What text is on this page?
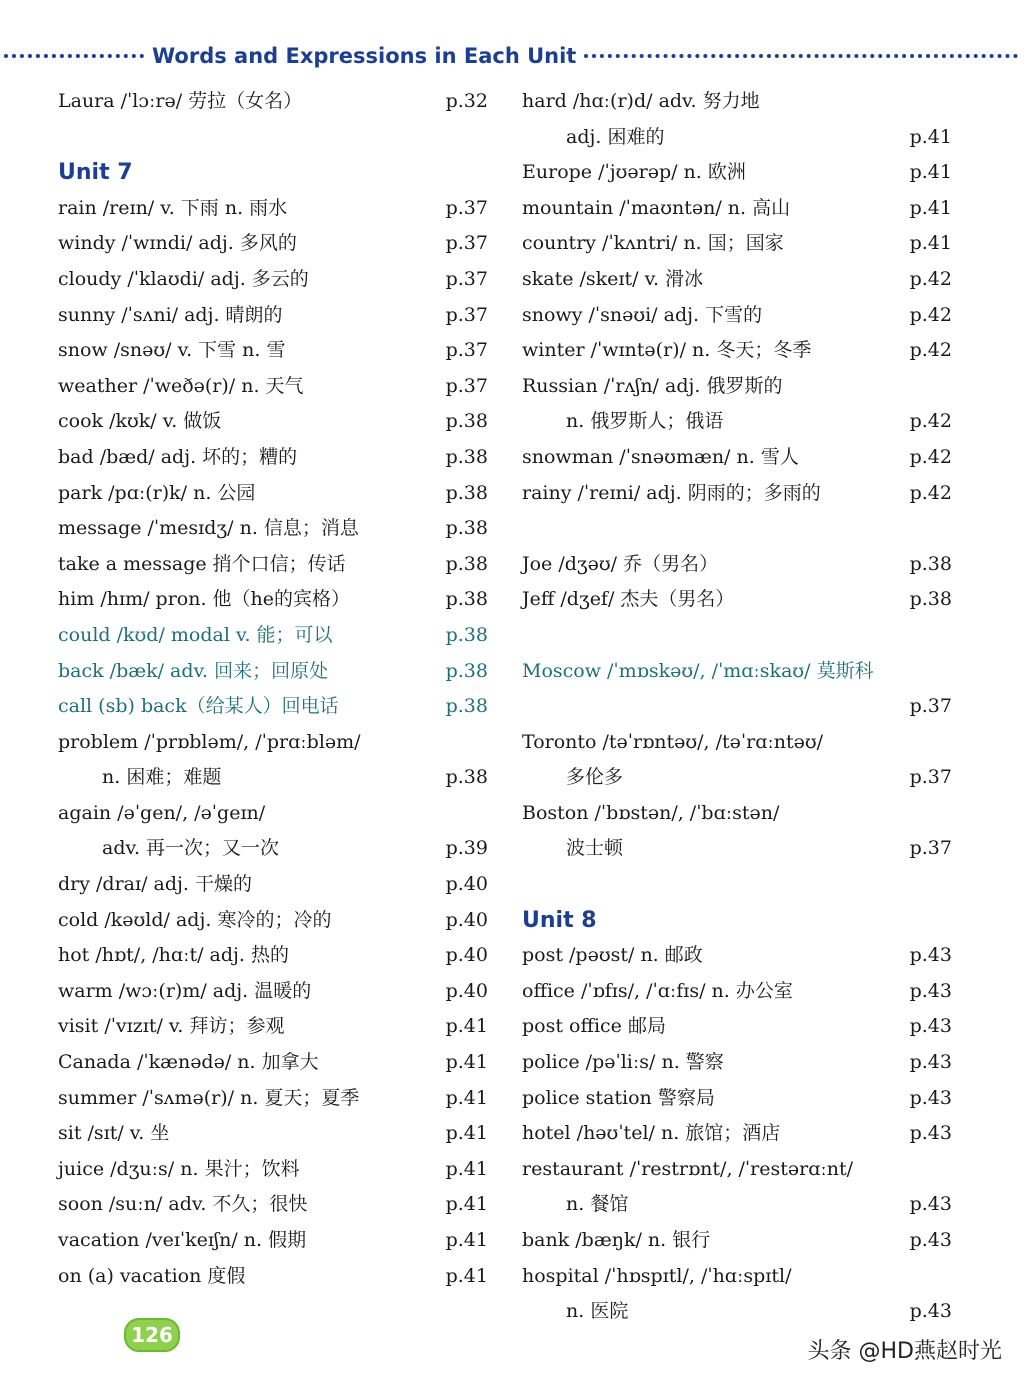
Words and Expressions in Each Unit
Laura /ˈlɔːrə/ 劳拉（女名）	p.32
Unit 7
rain /reɪn/ v. 下雨 n. 雨水	p.37
windy /ˈwɪndi/ adj. 多风的	p.37
cloudy /ˈklaʊdi/ adj. 多云的	p.37
sunny /ˈsʌni/ adj. 晴朗的	p.37
snow /snəʊ/ v. 下雪 n. 雪	p.37
weather /ˈweðə(r)/ n. 天气	p.37
cook /kʊk/ v. 做饭	p.38
bad /bæd/ adj. 坏的；糟的	p.38
park /pɑː(r)k/ n. 公园	p.38
message /ˈmesɪdʒ/ n. 信息；消息	p.38
take a message 捎个口信；传话	p.38
him /hɪm/ pron. 他（he的宾格）	p.38
could /kʊd/ modal v. 能；可以	p.38
back /bæk/ adv. 回来；回原处	p.38
call (sb) back（给某人）回电话	p.38
problem /ˈprɒbləm/, /ˈprɑːbləm/
n. 困难；难题	p.38
again /əˈgen/, /əˈgeɪn/
adv. 再一次；又一次	p.39
dry /draɪ/ adj. 干燥的	p.40
cold /kəʊld/ adj. 寒冷的；冷的	p.40
hot /hɒt/, /hɑːt/ adj. 热的	p.40
warm /wɔː(r)m/ adj. 温暖的	p.40
visit /ˈvɪzɪt/ v. 拜访；参观	p.41
Canada /ˈkænədə/ n. 加拿大	p.41
summer /ˈsʌmə(r)/ n. 夏天；夏季	p.41
sit /sɪt/ v. 坐	p.41
juice /dʒuːs/ n. 果汁；饮料	p.41
soon /suːn/ adv. 不久；很快	p.41
vacation /veɪˈkeɪʃn/ n. 假期	p.41
on (a) vacation 度假	p.41
hard /hɑː(r)d/ adv. 努力地
adj. 困难的	p.41
Europe /ˈjʊərəp/ n. 欧洲	p.41
mountain /ˈmaʊntən/ n. 高山	p.41
country /ˈkʌntri/ n. 国；国家	p.41
skate /skeɪt/ v. 滑冰	p.42
snowy /ˈsnəʊi/ adj. 下雪的	p.42
winter /ˈwɪntə(r)/ n. 冬天；冬季	p.42
Russian /ˈrʌʃn/ adj. 俄罗斯的
n. 俄罗斯人；俄语	p.42
snowman /ˈsnəʊmæn/ n. 雪人	p.42
rainy /ˈreɪni/ adj. 阴雨的；多雨的	p.42
Joe /dʒəʊ/ 乔（男名）	p.38
Jeff /dʒef/ 杰夫（男名）	p.38
Moscow /ˈmɒskəʊ/, /ˈmɑːskaʊ/ 莫斯科
p.37
Toronto /təˈrɒntəʊ/, /təˈrɑːntəʊ/
多伦多	p.37
Boston /ˈbɒstən/, /ˈbɑːstən/
波士顿	p.37
Unit 8
post /pəʊst/ n. 邮政	p.43
office /ˈɒfɪs/, /ˈɑːfɪs/ n. 办公室	p.43
post office 邮局	p.43
police /pəˈliːs/ n. 警察	p.43
police station 警察局	p.43
hotel /həʊˈtel/ n. 旅馆；酒店	p.43
restaurant /ˈrestrɒnt/, /ˈrestərɑːnt/
n. 餐馆	p.43
bank /bæŋk/ n. 银行	p.43
hospital /ˈhɒspɪtl/, /ˈhɑːspɪtl/
n. 医院	p.43
126
头条 @HD燕赵时光
